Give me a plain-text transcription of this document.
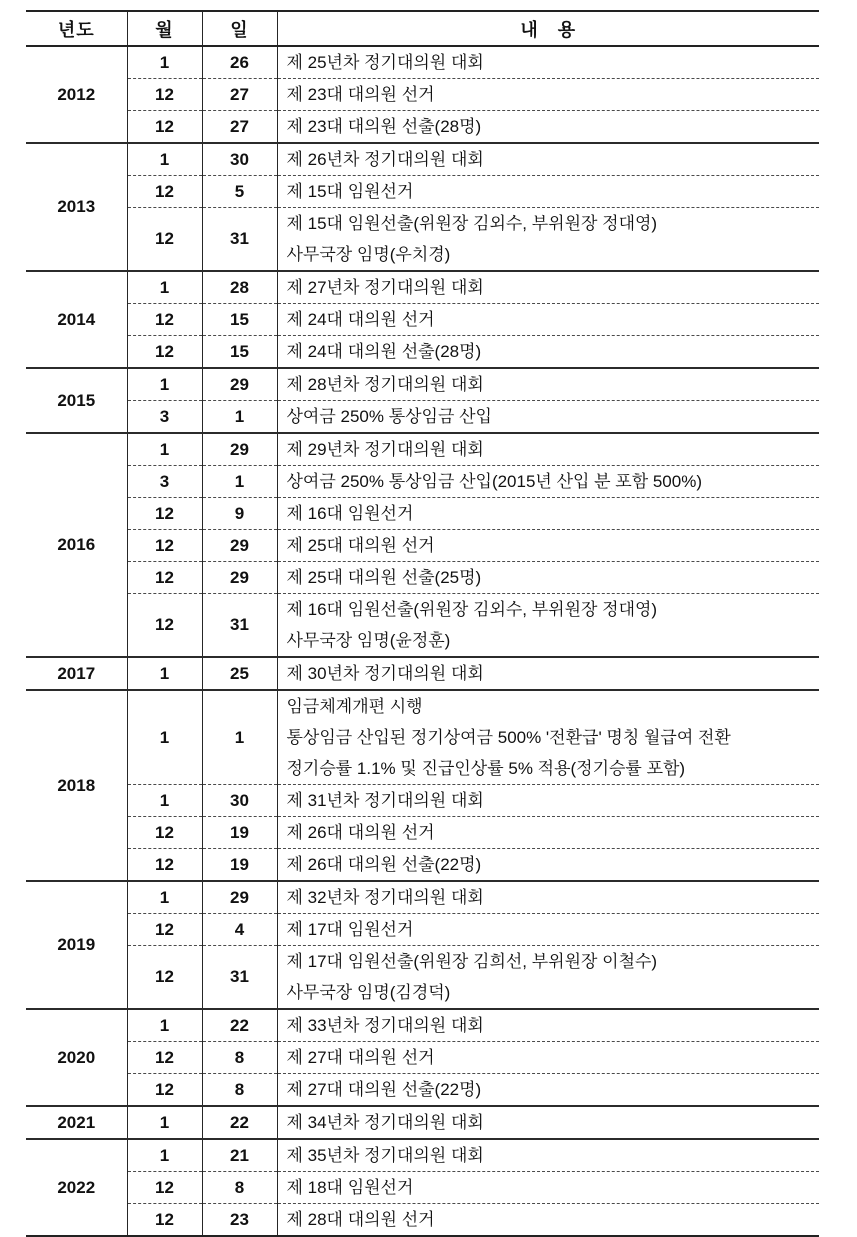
년도	월	일	내　용
2012	1	26	제 25년차 정기대의원 대회

	12	27	제 23대 대의원 선거

	12	27	제 23대 대의원 선출(28명)

2013	1	30	제 26년차 정기대의원 대회

	12	5	제 15대 임원선거

	12	31	제 15대 임원선출(위원장 김외수, 부위원장 정대영)
사무국장 임명(우치경)

2014	1	28	제 27년차 정기대의원 대회

	12	15	제 24대 대의원 선거

	12	15	제 24대 대의원 선출(28명)

2015	1	29	제 28년차 정기대의원 대회

	3	1	상여금 250% 통상임금 산입

2016	1	29	제 29년차 정기대의원 대회

	3	1	상여금 250% 통상임금 산입(2015년 산입 분 포함 500%)

	12	9	제 16대 임원선거

	12	29	제 25대 대의원 선거

	12	29	제 25대 대의원 선출(25명)

	12	31	제 16대 임원선출(위원장 김외수, 부위원장 정대영)
사무국장 임명(윤정훈)

2017	1	25	제 30년차 정기대의원 대회

2018	1	1	임금체계개편 시행
통상임금 산입된 정기상여금 500% '전환급' 명칭 월급여 전환
정기승률 1.1% 및 진급인상률 5% 적용(정기승률 포함)

	1	30	제 31년차 정기대의원 대회

	12	19	제 26대 대의원 선거

	12	19	제 26대 대의원 선출(22명)

2019	1	29	제 32년차 정기대의원 대회

	12	4	제 17대 임원선거

	12	31	제 17대 임원선출(위원장 김희선, 부위원장 이철수)
사무국장 임명(김경덕)

2020	1	22	제 33년차 정기대의원 대회

	12	8	제 27대 대의원 선거

	12	8	제 27대 대의원 선출(22명)

2021	1	22	제 34년차 정기대의원 대회

2022	1	21	제 35년차 정기대의원 대회

	12	8	제 18대 임원선거

	12	23	제 28대 대의원 선거
